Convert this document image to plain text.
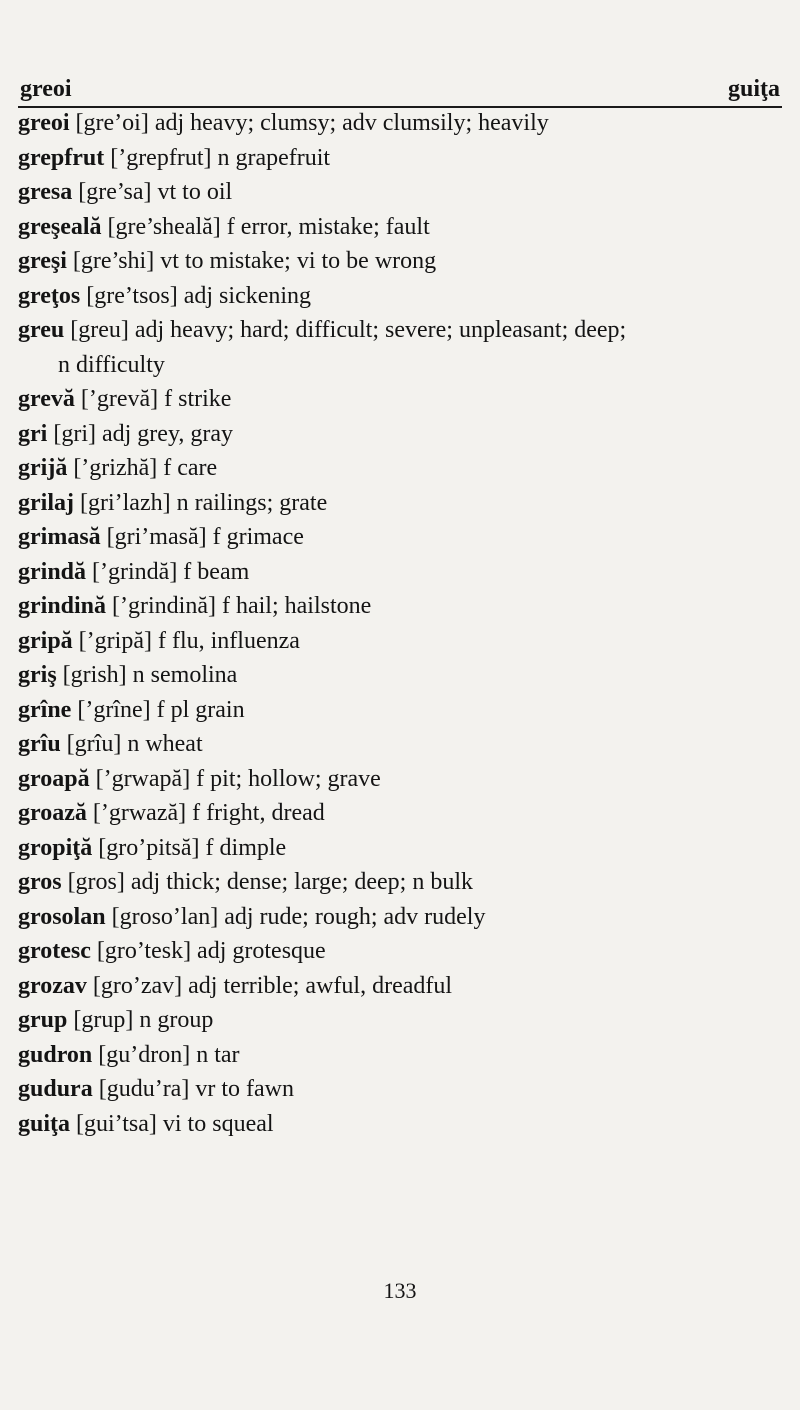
greoi	guiţa

greoi [gre’oi] adj heavy; clumsy; adv clumsily; heavily

grepfrut [’grepfrut] n grapefruit

gresa [gre’sa] vt to oil

greşeală [gre’sheală] f error, mistake; fault

greşi [gre’shi] vt to mistake; vi to be wrong

greţos [gre’tsos] adj sickening

greu [greu] adj heavy; hard; difficult; severe; unpleasant; deep;
n difficulty

grevă [’grevă] f strike

gri [gri] adj grey, gray

grijă [’grizhă] f care

grilaj [gri’lazh] n railings; grate

grimasă [gri’masă] f grimace

grindă [’grindă] f beam

grindină [’grindină] f hail; hailstone

gripă [’gripă] f flu, influenza

griş [grish] n semolina

grîne [’grîne] f pl grain

grîu [grîu] n wheat

groapă [’grwapă] f pit; hollow; grave

groază [’grwază] f fright, dread

gropiţă [gro’pitsă] f dimple

gros [gros] adj thick; dense; large; deep; n bulk

grosolan [groso’lan] adj rude; rough; adv rudely

grotesc [gro’tesk] adj grotesque

grozav [gro’zav] adj terrible; awful, dreadful

grup [grup] n group

gudron [gu’dron] n tar

gudura [gudu’ra] vr to fawn

guiţa [gui’tsa] vi to squeal

133
